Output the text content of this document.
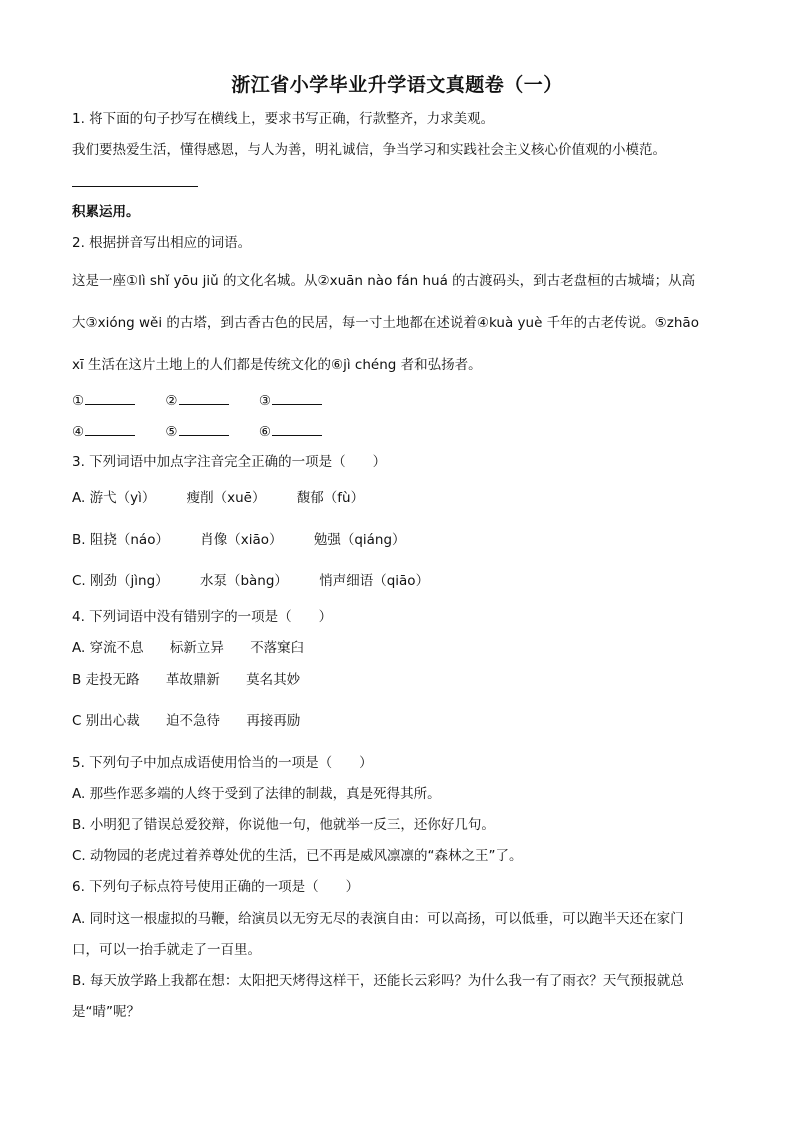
浙江省小学毕业升学语文真题卷（一）
1. 将下面的句子抄写在横线上，要求书写正确，行款整齐，力求美观。
我们要热爱生活，懂得感恩，与人为善，明礼诚信，争当学习和实践社会主义核心价值观的小模范。
积累运用。
2. 根据拼音写出相应的词语。
这是一座①lì shǐ yōu jiǔ 的文化名城。从②xuān nào fán huá 的古渡码头，到古老盘桓的古城墙；从高
大③xióng wěi 的古塔，到古香古色的民居，每一寸土地都在述说着④kuà yuè 千年的古老传说。⑤zhāo
xī 生活在这片土地上的人们都是传统文化的⑥jì chéng 者和弘扬者。
①	②	③
④	⑤	⑥
3. 下列词语中加点字注音完全正确的一项是（　　）
A. 游弋（yì） 瘦削（xuē） 馥郁（fù）
B. 阻挠（náo） 肖像（xiāo） 勉强（qiáng）
C. 刚劲（jìng） 水泵（bàng） 悄声细语（qiāo）
4. 下列词语中没有错别字的一项是（　　）
A. 穿流不息 标新立异 不落窠臼
B 走投无路 革故鼎新 莫名其妙
C 别出心裁 迫不急待 再接再励
5. 下列句子中加点成语使用恰当的一项是（　　）
A. 那些作恶多端的人终于受到了法律的制裁，真是死得其所。
B. 小明犯了错误总爱狡辩，你说他一句，他就举一反三，还你好几句。
C. 动物园的老虎过着养尊处优的生活，已不再是威风凛凛的“森林之王”了。
6. 下列句子标点符号使用正确的一项是（　　）
A. 同时这一根虚拟的马鞭，给演员以无穷无尽的表演自由：可以高扬，可以低垂，可以跑半天还在家门
口，可以一抬手就走了一百里。
B. 每天放学路上我都在想：太阳把天烤得这样干，还能长云彩吗？为什么我一有了雨衣？天气预报就总
是“晴”呢？
